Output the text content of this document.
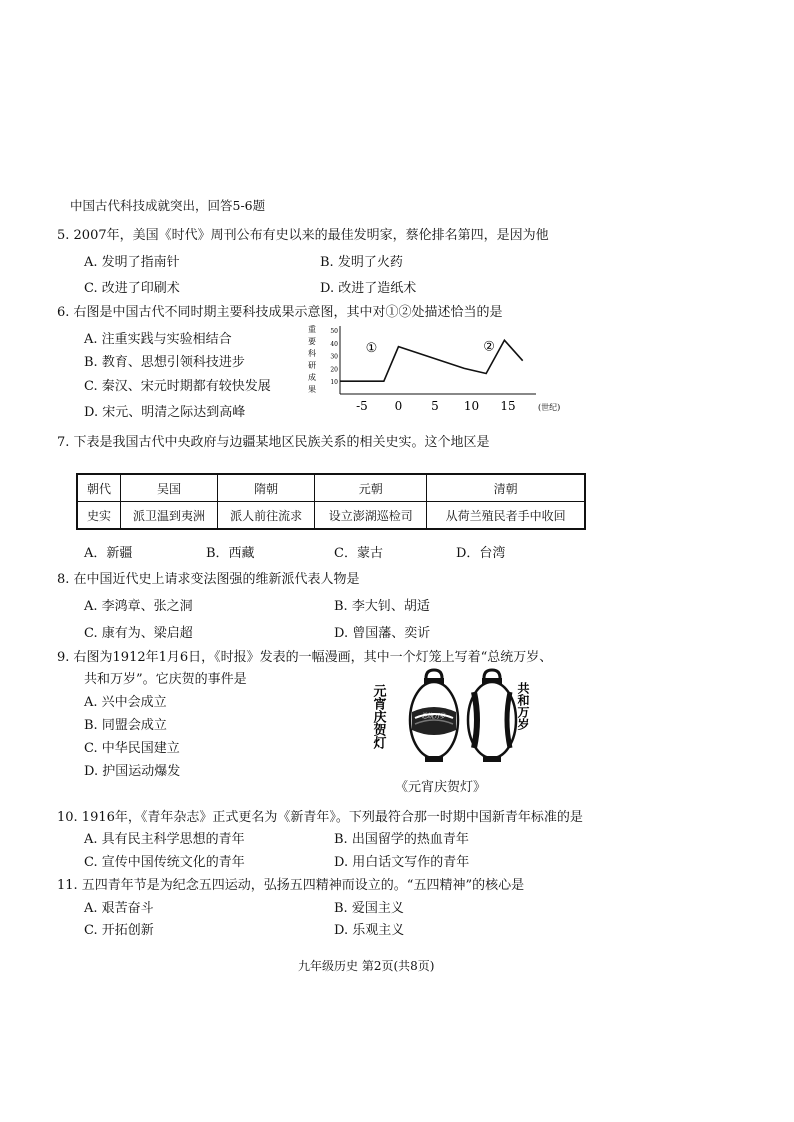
中国古代科技成就突出，回答5-6题
5. 2007年，美国《时代》周刊公布有史以来的最佳发明家，蔡伦排名第四，是因为他
A. 发明了指南针	B. 发明了火药
C. 改进了印刷术	D. 改进了造纸术
6. 右图是中国古代不同时期主要科技成果示意图，其中对①②处描述恰当的是
A. 注重实践与实验相结合
B. 教育、思想引领科技进步
C. 秦汉、宋元时期都有较快发展
D. 宋元、明清之际达到高峰
重
要
科
研
成
果
10
20
30
40
50
-5 0 5 10 15
①	②
(世纪)
7. 下表是我国古代中央政府与边疆某地区民族关系的相关史实。这个地区是
朝代	吴国	隋朝	元朝	清朝
史实	派卫温到夷洲	派人前往流求	设立澎湖巡检司	从荷兰殖民者手中收回
A．新疆	B．西藏	C．蒙古	D．台湾
8. 在中国近代史上请求变法图强的维新派代表人物是
A. 李鸿章、张之洞	B. 李大钊、胡适
C. 康有为、梁启超	D. 曾国藩、奕䜣
9. 右图为1912年1月6日，《时报》发表的一幅漫画，其中一个灯笼上写着“总统万岁、
共和万岁”。它庆贺的事件是
A. 兴中会成立
B. 同盟会成立
C. 中华民国建立
D. 护国运动爆发
元宵庆贺灯	总统万岁	共和万岁
《元宵庆贺灯》
10. 1916年，《青年杂志》正式更名为《新青年》。下列最符合那一时期中国新青年标准的是
A. 具有民主科学思想的青年	B. 出国留学的热血青年
C. 宣传中国传统文化的青年	D. 用白话文写作的青年
11. 五四青年节是为纪念五四运动，弘扬五四精神而设立的。“五四精神”的核心是
A. 艰苦奋斗	B. 爱国主义
C. 开拓创新	D. 乐观主义
九年级历史 第2页(共8页)
